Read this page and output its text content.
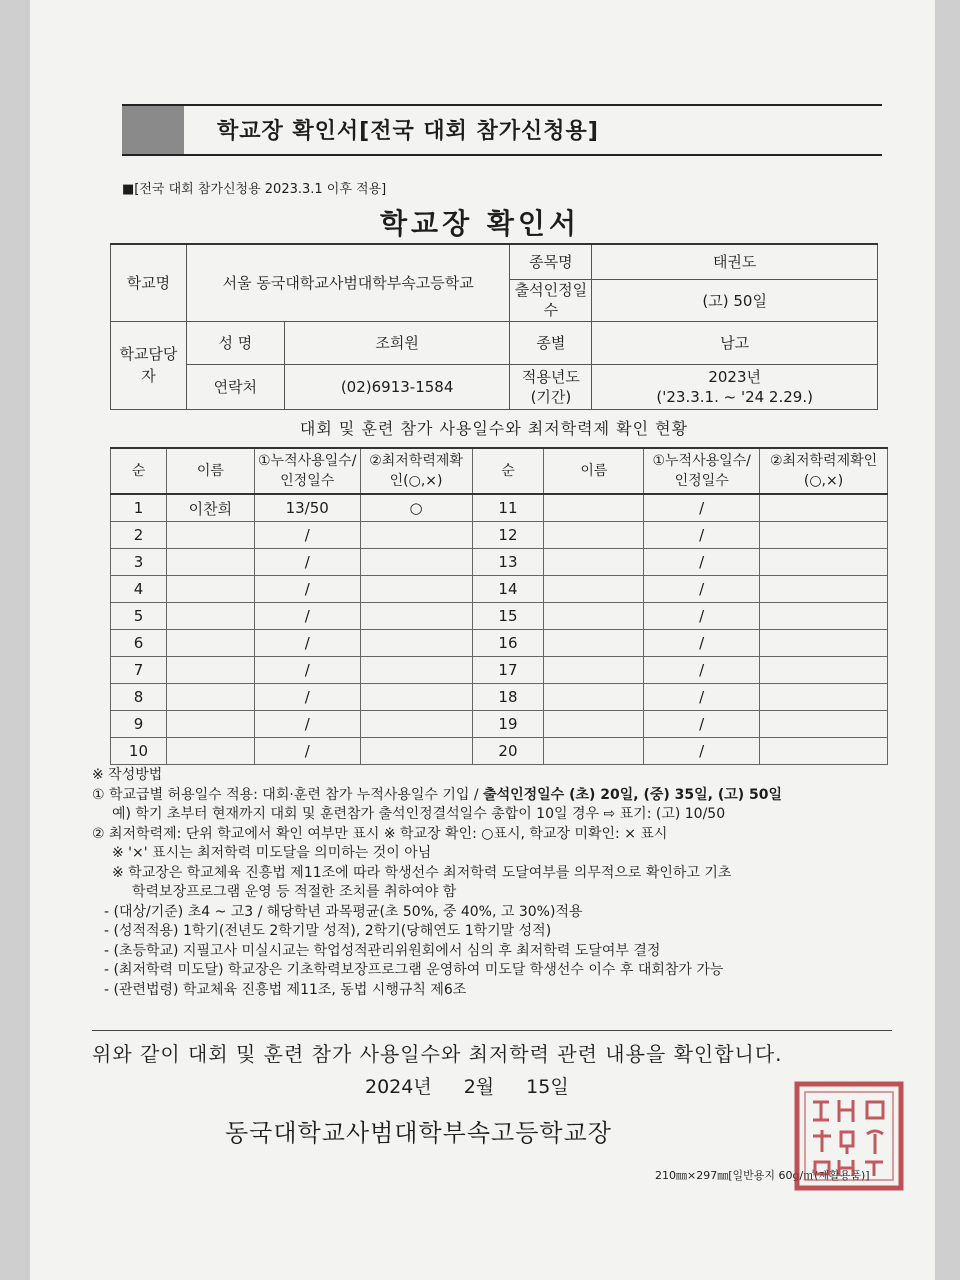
학교장 확인서[전국 대회 참가신청용]
■[전국 대회 참가신청용 2023.3.1 이후 적용]
학교장 확인서
학교명	서울 동국대학교사범대학부속고등학교		종목명	태권도
			출석인정일수	(고) 50일
학교담당자	성 명	조희원	종별	남고
	연락처	(02)6913-1584	적용년도(기간)	2023년
('23.3.1. ~ '24 2.29.)
대회 및 훈련 참가 사용일수와 최저학력제 확인 현황
순	이름	①누적사용일수/인정일수	②최저학력제확인(○,×)	순	이름	①누적사용일수/인정일수	②최저학력제확인(○,×)
1	이찬희	13/50	○	11		/	
2		/		12		/	
3		/		13		/	
4		/		14		/	
5		/		15		/	
6		/		16		/	
7		/		17		/	
8		/		18		/	
9		/		19		/	
10		/		20		/	
※ 작성방법
① 학교급별 허용일수 적용: 대회·훈련 참가 누적사용일수 기입 / 출석인정일수 (초) 20일, (중) 35일, (고) 50일
예) 학기 초부터 현재까지 대회 및 훈련참가 출석인정결석일수 총합이 10일 경우 ⇨ 표기: (고) 10/50
② 최저학력제: 단위 학교에서 확인 여부만 표시 ※ 학교장 확인: ○표시, 학교장 미확인: × 표시
※ '×' 표시는 최저학력 미도달을 의미하는 것이 아님
※ 학교장은 학교체육 진흥법 제11조에 따라 학생선수 최저학력 도달여부를 의무적으로 확인하고 기초
학력보장프로그램 운영 등 적절한 조치를 취하여야 함
- (대상/기준) 초4 ~ 고3 / 해당학년 과목평균(초 50%, 중 40%, 고 30%)적용
- (성적적용) 1학기(전년도 2학기말 성적), 2학기(당해연도 1학기말 성적)
- (초등학교) 지필고사 미실시교는 학업성적관리위원회에서 심의 후 최저학력 도달여부 결정
- (최저학력 미도달) 학교장은 기초학력보장프로그램 운영하여 미도달 학생선수 이수 후 대회참가 가능
- (관련법령) 학교체육 진흥법 제11조, 동법 시행규칙 제6조
위와 같이 대회 및 훈련 참가 사용일수와 최저학력 관련 내용을 확인합니다.
2024년 2월 15일
동국대학교사범대학부속고등학교장
210㎜×297㎜[일반용지 60g/㎡(재활용품)]
